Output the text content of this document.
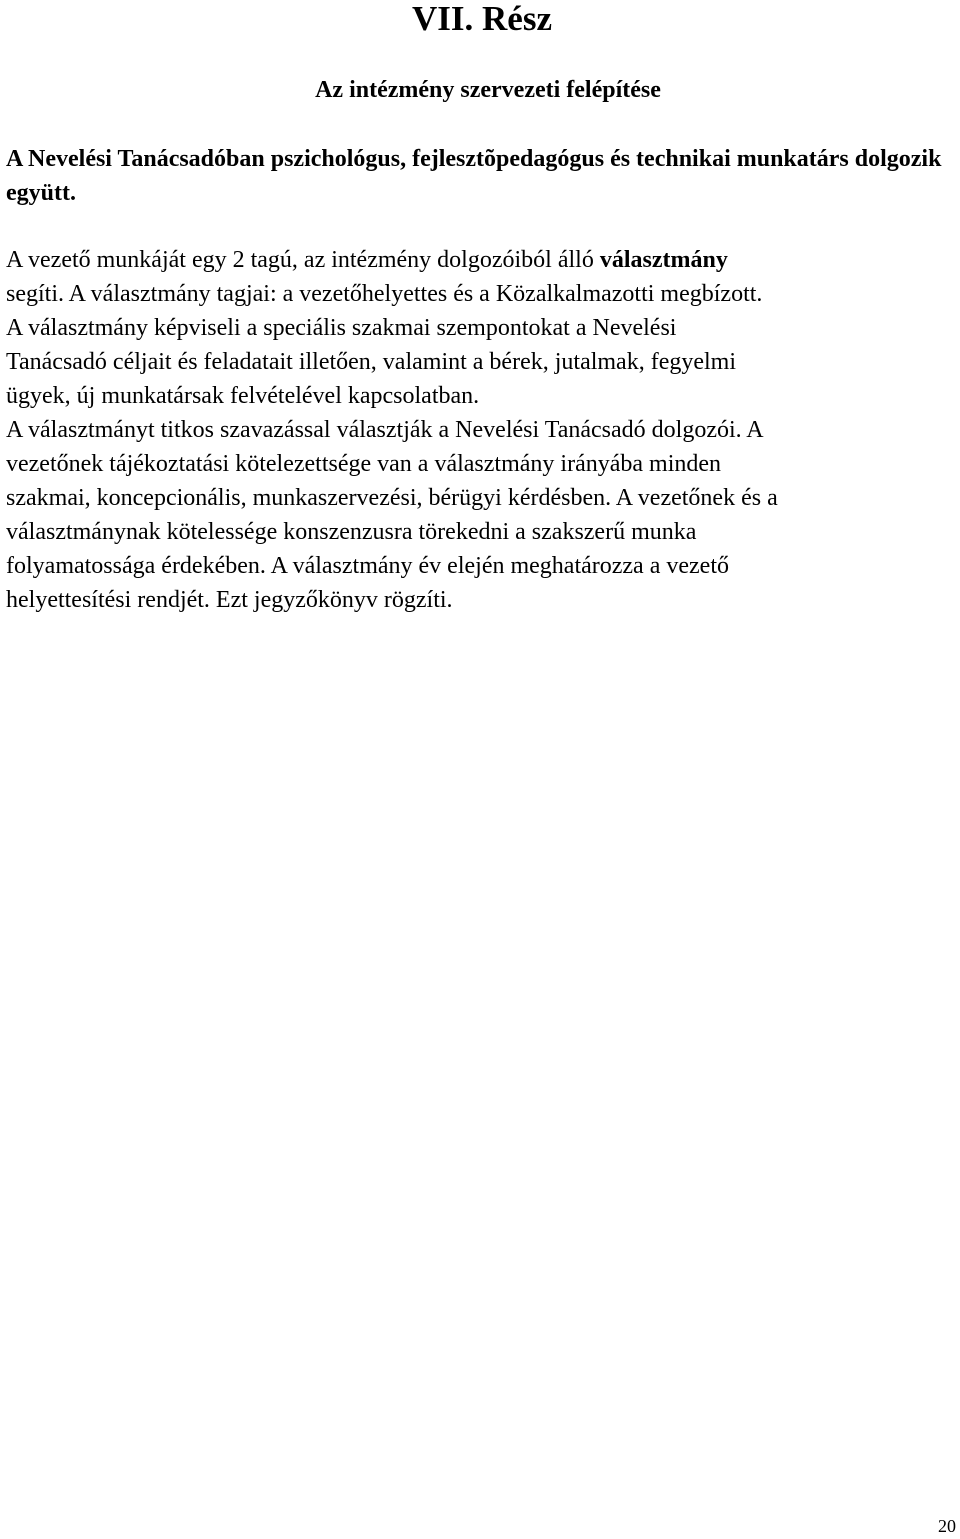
VII. Rész
Az intézmény szervezeti felépítése

A Nevelési Tanácsadóban pszichológus, fejlesztõpedagógus és technikai munkatárs dolgozik együtt.

A vezető munkáját egy 2 tagú, az intézmény dolgozóiból álló választmány
segíti. A választmány tagjai: a vezetőhelyettes és a Közalkalmazotti megbízott.
A választmány képviseli a speciális szakmai szempontokat a Nevelési
Tanácsadó céljait és feladatait illetően, valamint a bérek, jutalmak, fegyelmi
ügyek, új munkatársak felvételével kapcsolatban.
A választmányt titkos szavazással választják a Nevelési Tanácsadó dolgozói. A
vezetőnek tájékoztatási kötelezettsége van a választmány irányába minden
szakmai, koncepcionális, munkaszervezési, bérügyi kérdésben. A vezetőnek és a
választmánynak kötelessége konszenzusra törekedni a szakszerű munka
folyamatossága érdekében. A választmány év elején meghatározza a vezető
helyettesítési rendjét. Ezt jegyzőkönyv rögzíti.

20
